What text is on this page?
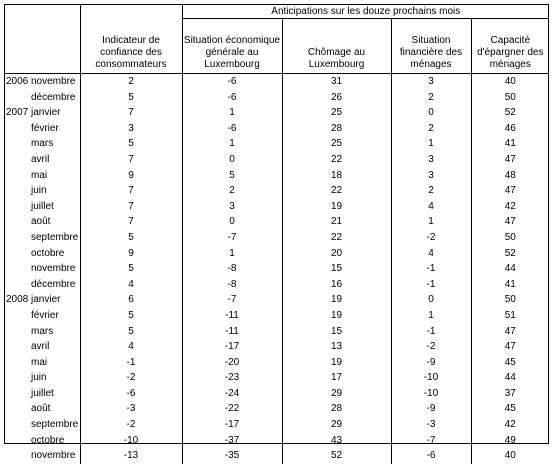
			Anticipations sur les douze prochains mois			
		Indicateur de confiance des consommateurs	Situation économique générale au Luxembourg	Chômage au Luxembourg	Situation financière des ménages	Capacité d'épargner des ménages
2006	novembre	2	-6	31	3	40
	décembre	5	-6	26	2	50
2007	janvier	7	1	25	0	52
	février	3	-6	28	2	46
	mars	5	1	25	1	41
	avril	7	0	22	3	47
	mai	9	5	18	3	48
	juin	7	2	22	2	47
	juillet	7	3	19	4	42
	août	7	0	21	1	47
	septembre	5	-7	22	-2	50
	octobre	9	1	20	4	52
	novembre	5	-8	15	-1	44
	décembre	4	-8	16	-1	41
2008	janvier	6	-7	19	0	50
	février	5	-11	19	1	51
	mars	5	-11	15	-1	47
	avril	4	-17	13	-2	47
	mai	-1	-20	19	-9	45
	juin	-2	-23	17	-10	44
	juillet	-6	-24	29	-10	37
	août	-3	-22	28	-9	45
	septembre	-2	-17	29	-3	42
	octobre	-10	-37	43	-7	49
	novembre	-13	-35	52	-6	40
